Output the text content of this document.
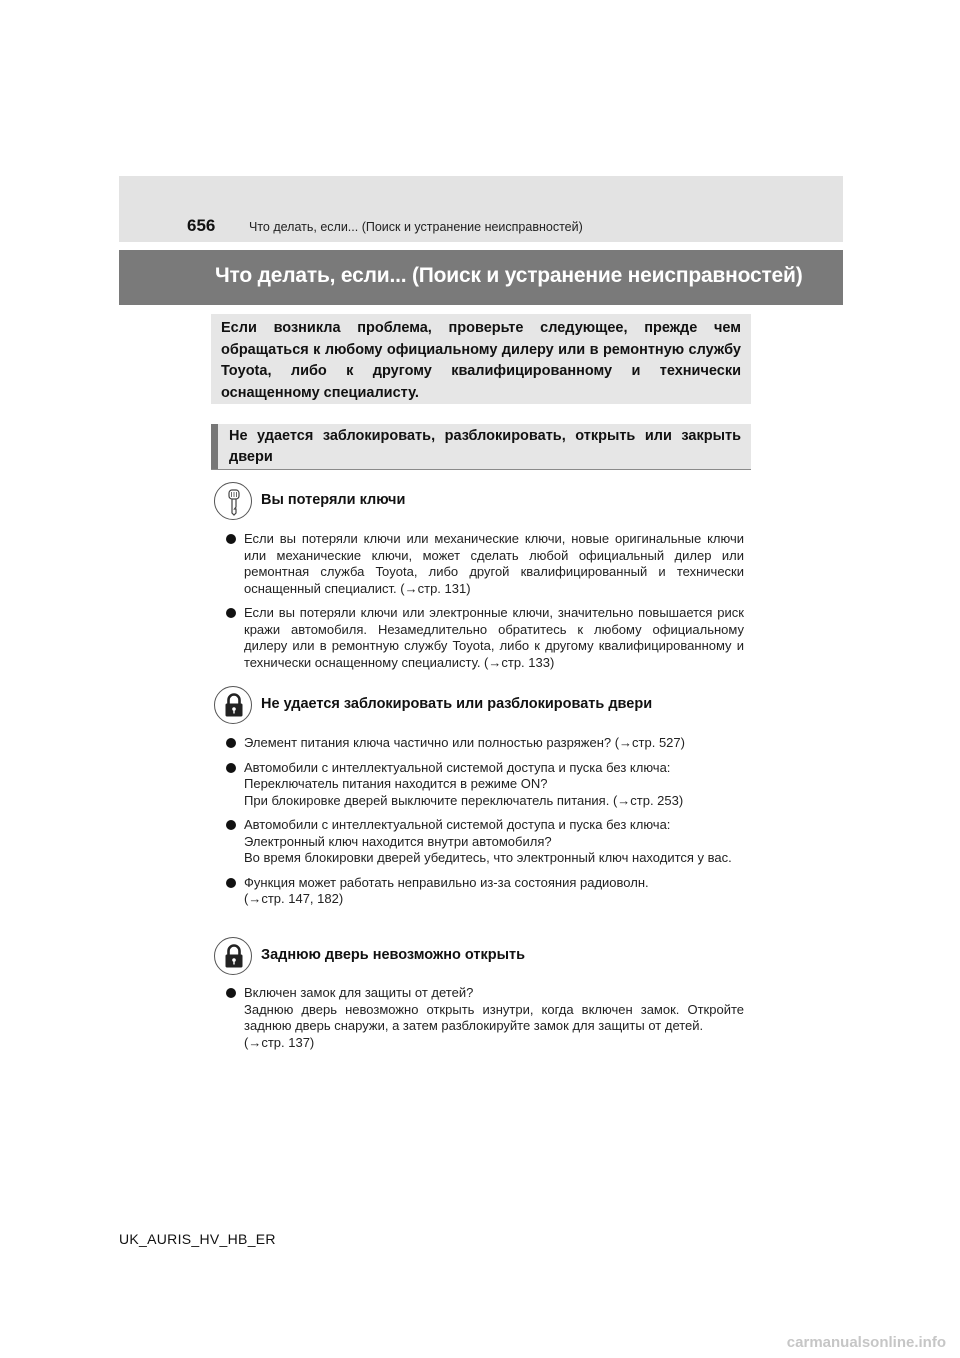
656	Что делать, если... (Поиск и устранение неисправностей)
Что делать, если... (Поиск и устранение неисправностей)
Если возникла проблема, проверьте следующее, прежде чем обращаться к любому официальному дилеру или в ремонтную службу Toyota, либо к другому квалифицированному и технически оснащенному специалисту.
Не удается заблокировать, разблокировать, открыть или закрыть двери
Вы потеряли ключи
Если вы потеряли ключи или механические ключи, новые оригинальные ключи или механические ключи, может сделать любой официальный дилер или ремонтная служба Toyota, либо другой квалифицированный и технически оснащенный специалист. (→стр. 131)
Если вы потеряли ключи или электронные ключи, значительно повышается риск кражи автомобиля. Незамедлительно обратитесь к любому официальному дилеру или в ремонтную службу Toyota, либо к другому квалифицированному и технически оснащенному специалисту. (→стр. 133)
Не удается заблокировать или разблокировать двери
Элемент питания ключа частично или полностью разряжен? (→стр. 527)
Автомобили с интеллектуальной системой доступа и пуска без ключа:
Переключатель питания находится в режиме ON?
При блокировке дверей выключите переключатель питания. (→стр. 253)
Автомобили с интеллектуальной системой доступа и пуска без ключа:
Электронный ключ находится внутри автомобиля?
Во время блокировки дверей убедитесь, что электронный ключ находится у вас.
Функция может работать неправильно из-за состояния радиоволн.
(→стр. 147, 182)
Заднюю дверь невозможно открыть
Включен замок для защиты от детей?
Заднюю дверь невозможно открыть изнутри, когда включен замок. Откройте заднюю дверь снаружи, а затем разблокируйте замок для защиты от детей.
(→стр. 137)
UK_AURIS_HV_HB_ER
carmanualsonline.info
